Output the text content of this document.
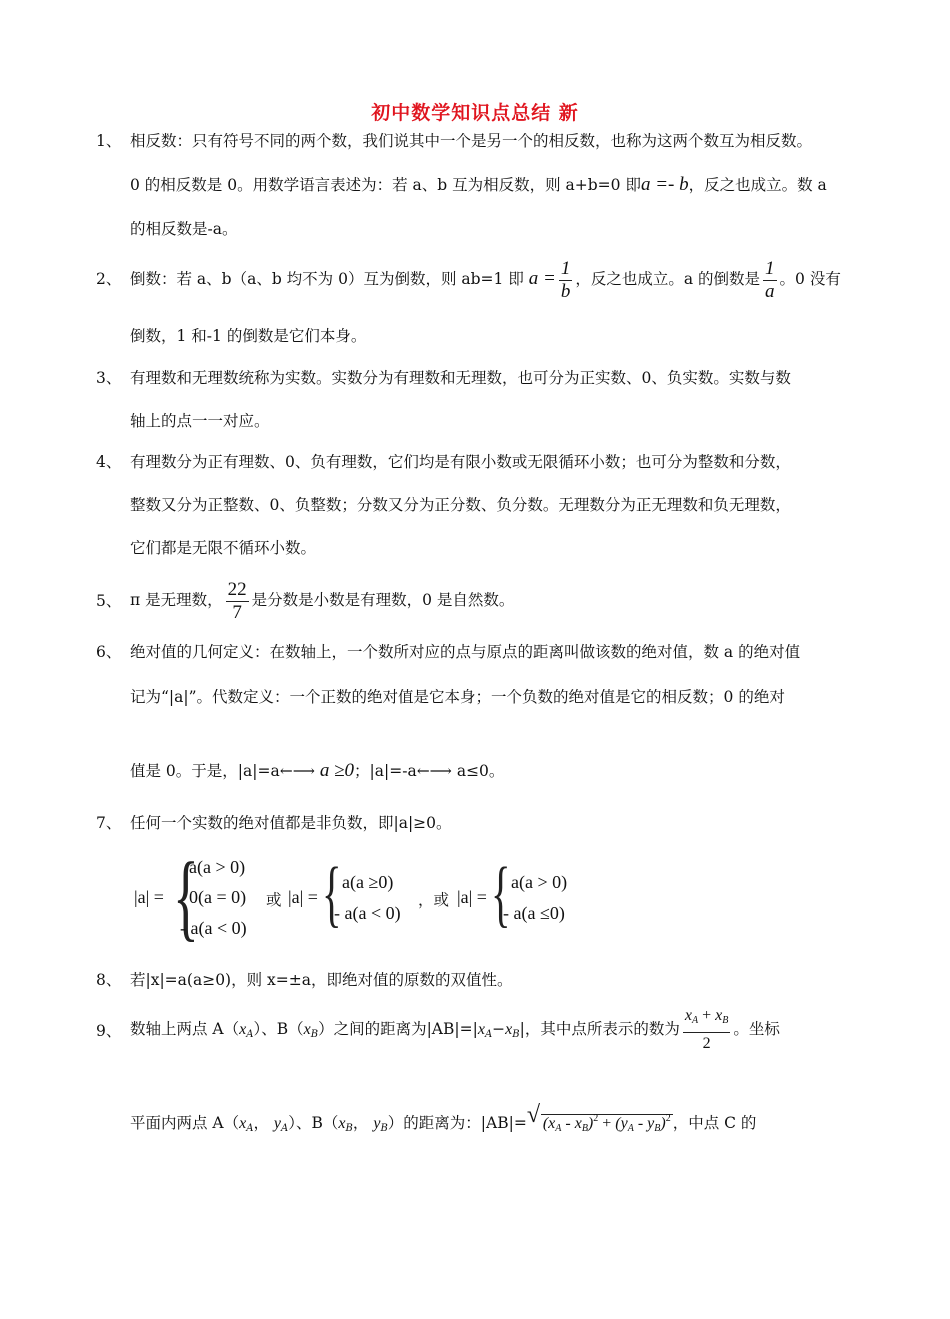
初中数学知识点总结 新
1、 相反数：只有符号不同的两个数，我们说其中一个是另一个的相反数，也称为这两个数互为相反数。
0 的相反数是 0。用数学语言表述为：若 a、b 互为相反数，则 a+b=0 即a =- b，反之也成立。数 a
的相反数是-a。
2、 倒数：若 a、b（a、b 均不为 0）互为倒数，则 ab=1 即 $a = \frac{1}{b}$ ，反之也成立。a 的倒数是 $\frac{1}{a}$ 。0 没有
倒数，1 和-1 的倒数是它们本身。
3、 有理数和无理数统称为实数。实数分为有理数和无理数，也可分为正实数、0、负实数。实数与数
轴上的点一一对应。
4、 有理数分为正有理数、0、负有理数，它们均是有限小数或无限循环小数；也可分为整数和分数，
整数又分为正整数、0、负整数；分数又分为正分数、负分数。无理数分为正无理数和负无理数，
它们都是无限不循环小数。
5、 π 是无理数， $\frac{22}{7}$ 是分数是小数是有理数，0 是自然数。
6、 绝对值的几何定义：在数轴上，一个数所对应的点与原点的距离叫做该数的绝对值，数 a 的绝对值
记为“|a|”。代数定义：一个正数的绝对值是它本身；一个负数的绝对值是它的相反数；0 的绝对
值是 0。于是，|a|=a←⟶ a ≥0；|a|=-a←⟶ a≤0。
7、 任何一个实数的绝对值都是非负数，即|a|≥0。
|a| = {
a(a > 0)
0(a = 0)
- a(a < 0)
或 |a| = { a(a ≥0)
- a(a < 0)
，或 |a| = { a(a > 0)
- a(a ≤0)
8、 若|x|=a(a≥0)，则 x=±a，即绝对值的原数的双值性。
9、 数轴上两点 $A(x_A)$、$B(x_B)$之间的距离为$|AB|=|x_A-x_B|$，其中点所表示的数为 $\frac{x_A + x_B}{2}$ 。坐标
平面内两点 $A(x_A$， $y_A$）、$B(x_B$， $y_B$）的距离为：|AB|= √ $(x_A - x_B)^2 + (y_A - y_B)^2$ ，中点 C 的
